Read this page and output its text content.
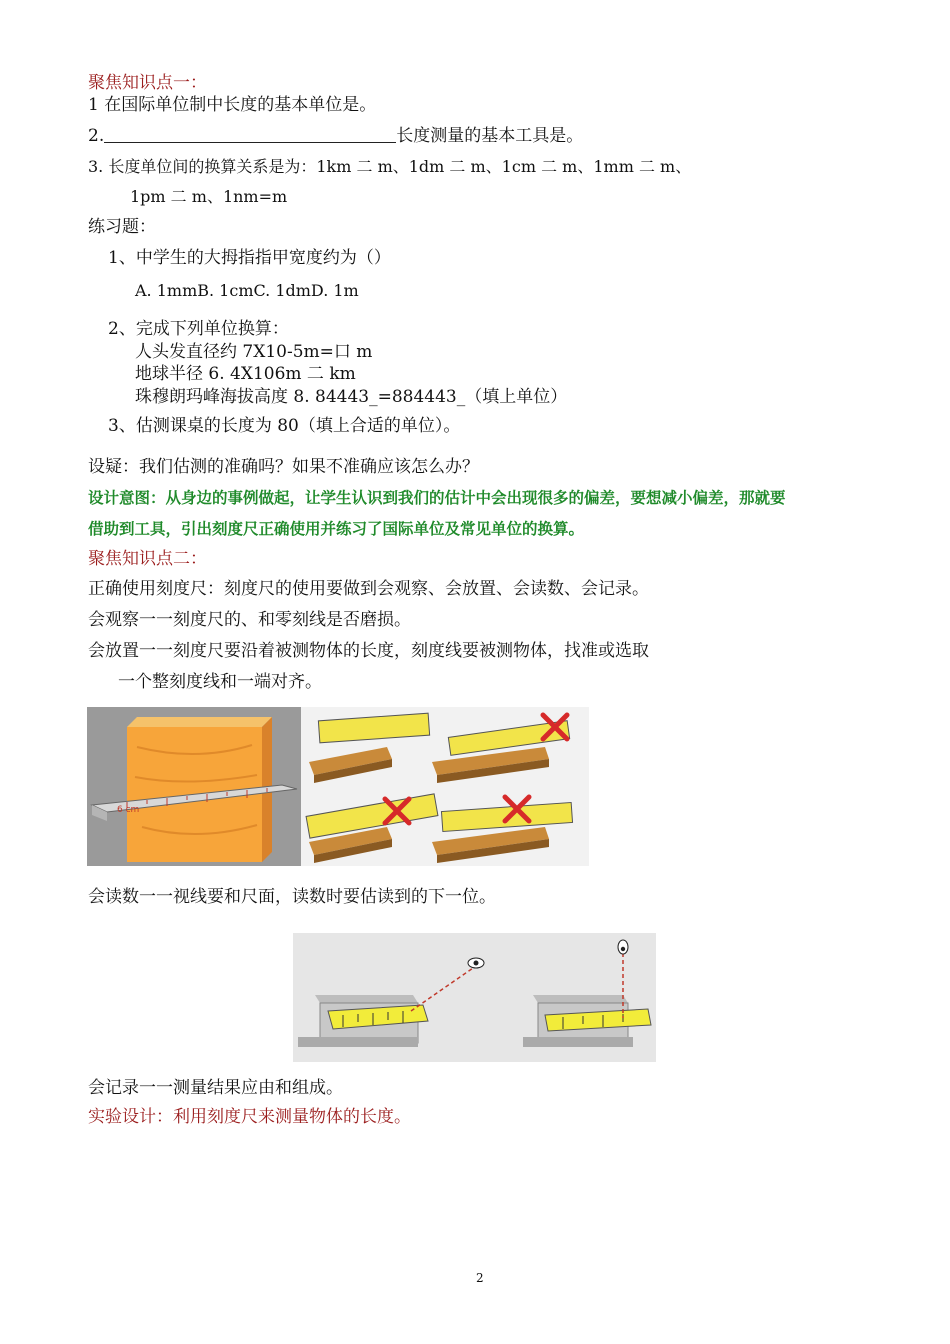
聚焦知识点一：
1 在国际单位制中长度的基本单位是。
2.	长度测量的基本工具是。
3. 长度单位间的换算关系是为：1km 二 m、1dm 二 m、1cm 二 m、1mm 二 m、
1pm 二 m、1nm=m
练习题：
1、中学生的大拇指指甲宽度约为（）
A. 1mmB. 1cmC. 1dmD. 1m
2、完成下列单位换算：
人头发直径约 7X10-5m=口 m
地球半径 6. 4X106m 二 km
珠穆朗玛峰海拔高度 8. 84443_=884443_（填上单位）
3、估测课桌的长度为 80（填上合适的单位）。
设疑：我们估测的准确吗？如果不准确应该怎么办？
设计意图：从身边的事例做起，让学生认识到我们的估计中会出现很多的偏差，要想减小偏差，那就要
借助到工具，引出刻度尺正确使用并练习了国际单位及常见单位的换算。
聚焦知识点二：
正确使用刻度尺：刻度尺的使用要做到会观察、会放置、会读数、会记录。
会观察一一刻度尺的、和零刻线是否磨损。
会放置一一刻度尺要沿着被测物体的长度，刻度线要被测物体，找准或选取
一个整刻度线和一端对齐。
6 cm
会读数一一视线要和尺面，读数时要估读到的下一位。
会记录一一测量结果应由和组成。
实验设计：利用刻度尺来测量物体的长度。
2
